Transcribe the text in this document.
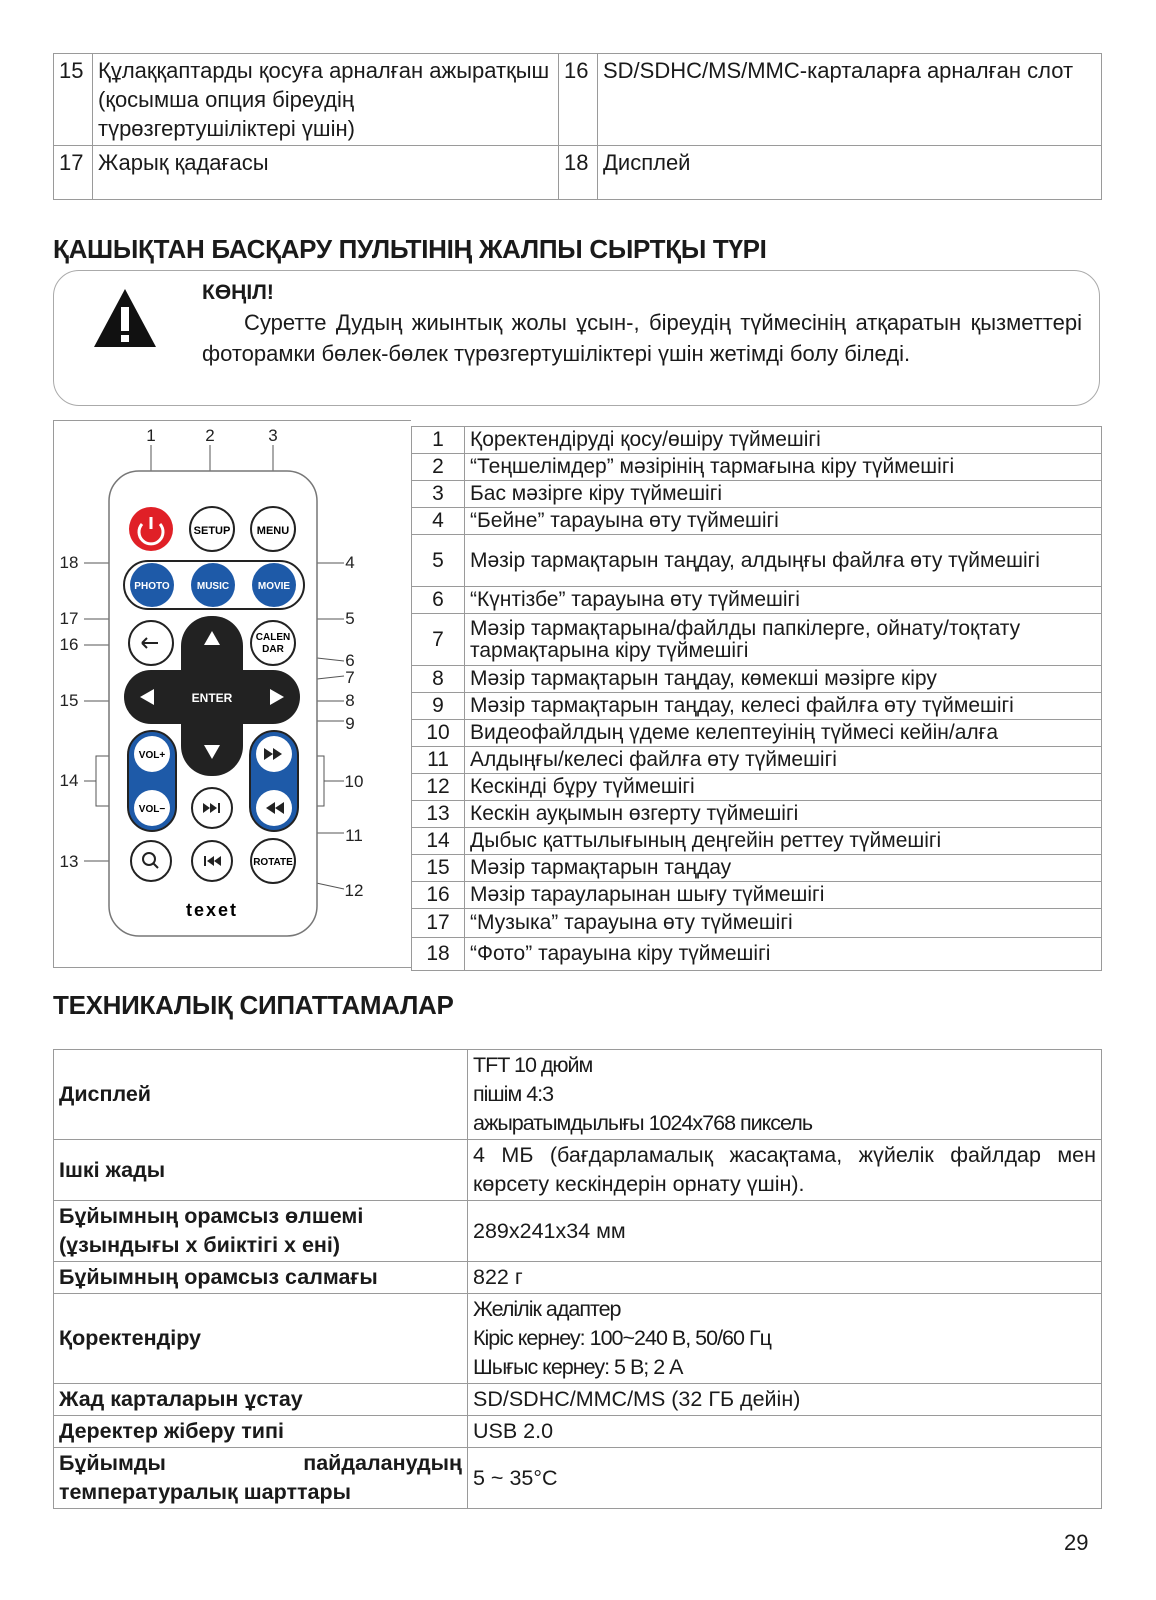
15	Құлаққаптарды қосуға арналған ажыратқыш (қосымша опция біреудің түрөзгертушіліктері үшін)	16	SD/SDHC/MS/MMC-карталарға арналған слот
17	Жарық қадағасы	18	Дисплей
ҚАШЫҚТАН БАСҚАРУ ПУЛЬТІНІҢ ЖАЛПЫ СЫРТҚЫ ТҮРІ
КӨҢІЛ!
Суретте Дудың жиынтық жолы ұсын-, біреудің түймесінің атқаратын қызметтері фоторамки бөлек-бөлек түрөзгертушіліктері үшін жетімді болу біледі.
SETUP MENU
PHOTO	MUSIC	MOVIE
CALEN
DAR
ENTER
VOL+
VOL−
ROTATE
texet
1	2	3
4
5
6
7
8
9
10
11
12
13
14
15
16
17
18
1	Қоректендіруді қосу/өшіру түймешігі
2	“Теңшелімдер” мәзірінің тармағына кіру түймешігі
3	Бас мәзірге кіру түймешігі
4	“Бейне” тарауына өту түймешігі
5	Мәзір тармақтарын таңдау, алдыңғы файлға өту түймешігі
6	“Күнтізбе” тарауына өту түймешігі
7	Мәзір тармақтарына/файлды папкілерге, ойнату/тоқтату тармақтарына кіру түймешігі
8	Мәзір тармақтарын таңдау, көмекші мәзірге кіру
9	Мәзір тармақтарын таңдау, келесі файлға өту түймешігі
10	Видеофайлдың үдеме келептеуінің түймесі кейін/алға
11	Алдыңғы/келесі файлға өту түймешігі
12	Кескінді бұру түймешігі
13	Кескін ауқымын өзгерту түймешігі
14	Дыбыс қаттылығының деңгейін реттеу түймешігі
15	Мәзір тармақтарын таңдау
16	Мәзір тарауларынан шығу түймешігі
17	“Музыка” тарауына өту түймешігі
18	“Фото” тарауына кіру түймешігі
ТЕХНИКАЛЫҚ СИПАТТАМАЛАР
Дисплей	TFT 10 дюйм
пішім 4:3
ажыратымдылығы 1024x768 пиксель

Ішкі жады	4 МБ (бағдарламалық жасақтама, жүйелік файлдар мен көрсету кескіндерін орнату үшін).
Бұйымның орамсыз өлшемі (ұзындығы х биіктігі х ені)	289x241x34 мм
Бұйымның орамсыз салмағы	822 г
Қоректендіру	Желілік адаптер
Кіріс кернеу: 100~240 В, 50/60 Гц
Шығыс кернеу: 5 В; 2 А

Жад карталарын ұстау	SD/SDHC/MMC/MS (32 ГБ дейін)
Деректер жіберу типі	USB 2.0

Бұйымды пайдаланудың
температуралық шарттары	5 ~ 35°C
29
